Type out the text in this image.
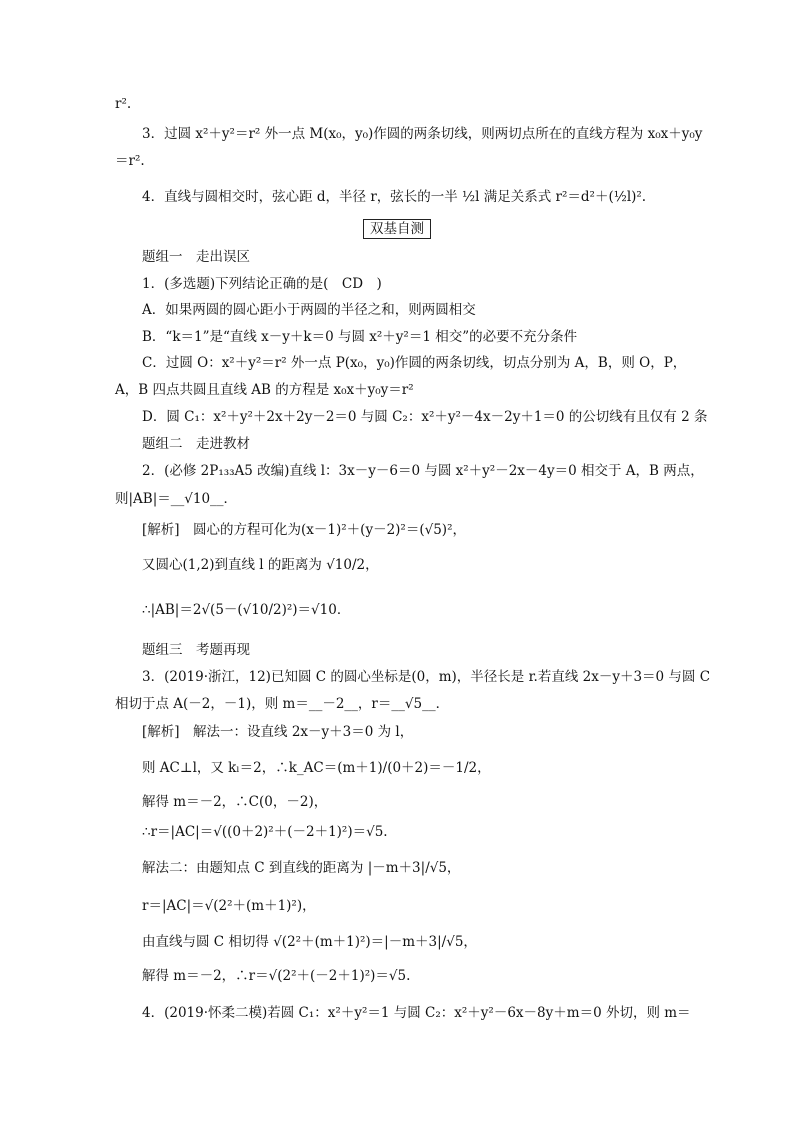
r².
3．过圆 x²＋y²＝r² 外一点 M(x₀，y₀)作圆的两条切线，则两切点所在的直线方程为 x₀x＋y₀y
＝r².
4．直线与圆相交时，弦心距 d，半径 r，弦长的一半 ½l 满足关系式 r²＝d²＋(½l)².
双基自测
题组一　走出误区
1．(多选题)下列结论正确的是(　CD　)
A．如果两圆的圆心距小于两圆的半径之和，则两圆相交
B．“k＝1”是“直线 x－y＋k＝0 与圆 x²＋y²＝1 相交”的必要不充分条件
C．过圆 O：x²＋y²＝r² 外一点 P(x₀，y₀)作圆的两条切线，切点分别为 A，B，则 O，P，
A，B 四点共圆且直线 AB 的方程是 x₀x＋y₀y＝r²
D．圆 C₁：x²＋y²＋2x＋2y－2＝0 与圆 C₂：x²＋y²－4x－2y＋1＝0 的公切线有且仅有 2 条
题组二　走进教材
2．(必修 2P₁₃₃A5 改编)直线 l：3x－y－6＝0 与圆 x²＋y²－2x－4y＝0 相交于 A，B 两点，
则|AB|＝__√10__．
[解析]　圆心的方程可化为(x－1)²＋(y－2)²＝(√5)²，
又圆心(1,2)到直线 l 的距离为 √10/2，
∴|AB|＝2√(5－(√10/2)²)＝√10．
题组三　考题再现
3．(2019·浙江，12)已知圆 C 的圆心坐标是(0，m)，半径长是 r.若直线 2x－y＋3＝0 与圆 C
相切于点 A(－2，－1)，则 m＝__－2__，r＝__√5__．
[解析]　解法一：设直线 2x－y＋3＝0 为 l，
则 AC⊥l，又 kₗ＝2，∴k_AC＝(m＋1)/(0＋2)＝－1/2，
解得 m＝－2，∴C(0，－2)，
∴r＝|AC|＝√((0＋2)²＋(－2＋1)²)＝√5.
解法二：由题知点 C 到直线的距离为 |－m＋3|/√5，
r＝|AC|＝√(2²＋(m＋1)²)，
由直线与圆 C 相切得 √(2²＋(m＋1)²)＝|－m＋3|/√5，
解得 m＝－2，∴r＝√(2²＋(－2＋1)²)＝√5.
4．(2019·怀柔二模)若圆 C₁：x²＋y²＝1 与圆 C₂：x²＋y²－6x－8y＋m＝0 外切，则 m＝
